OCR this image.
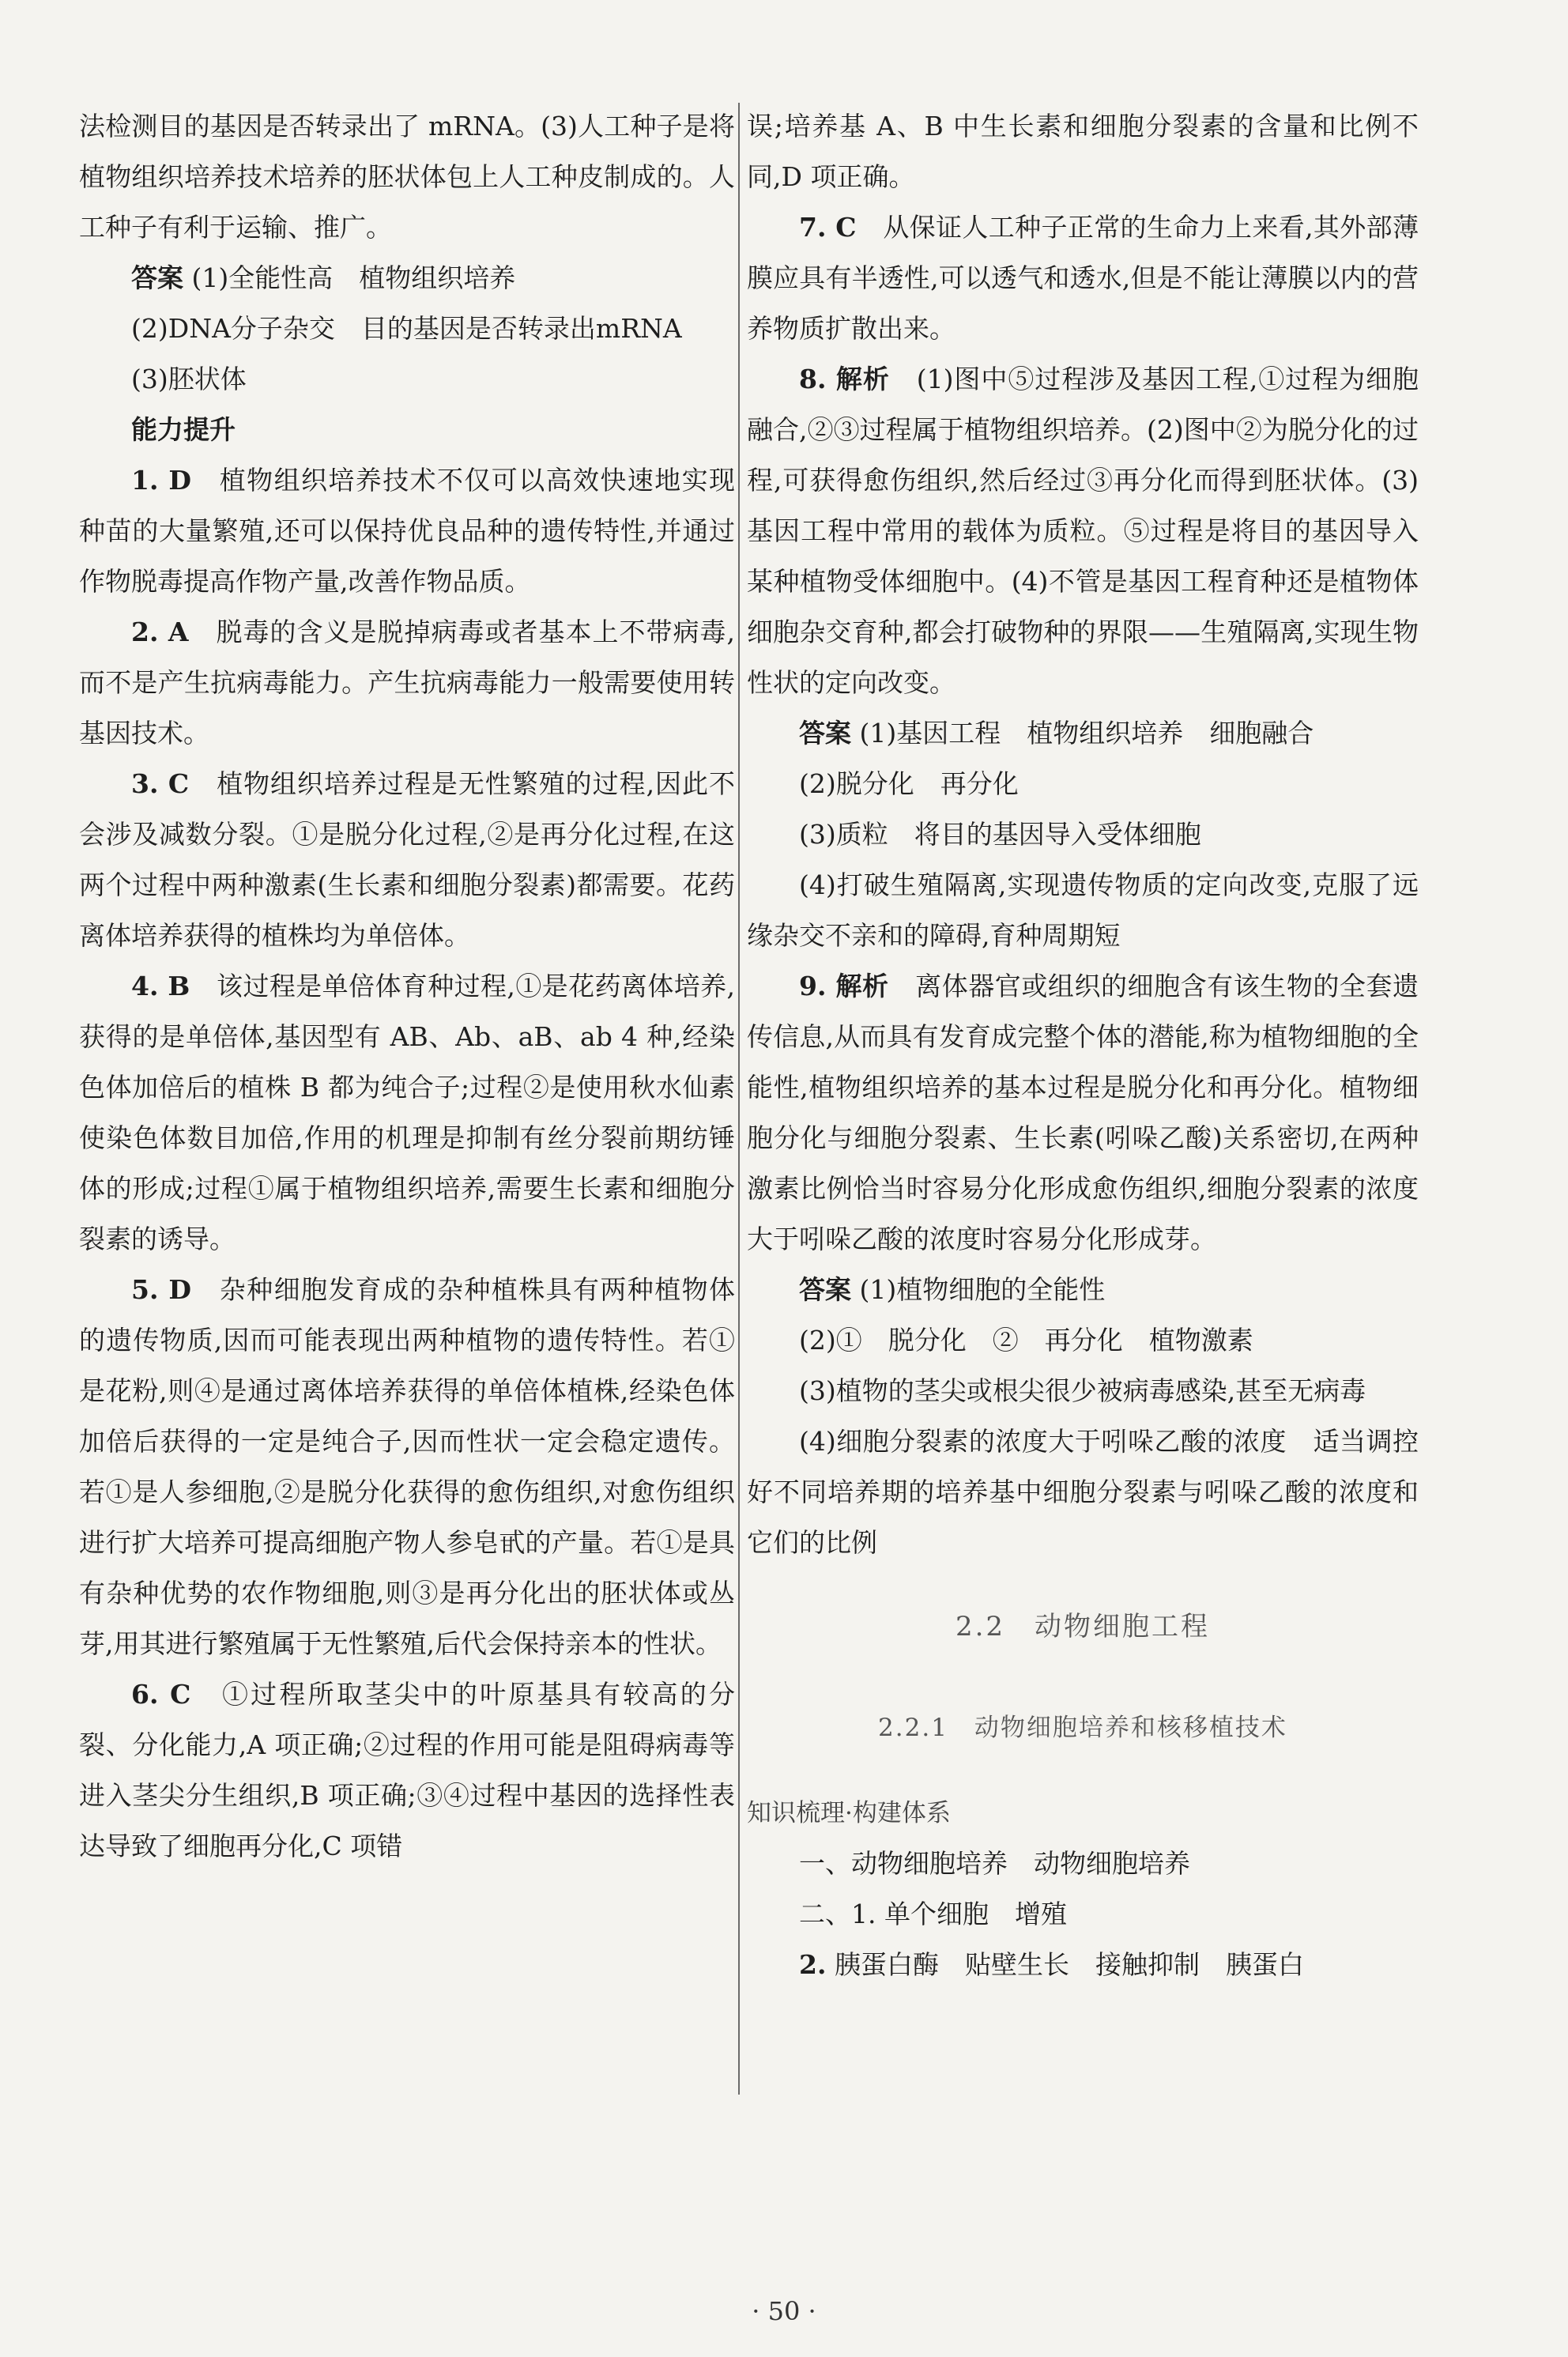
法检测目的基因是否转录出了 mRNA。(3)人工种子是将植物组织培养技术培养的胚状体包上人工种皮制成的。人工种子有利于运输、推广。

答案 (1)全能性高　植物组织培养

(2)DNA分子杂交　目的基因是否转录出mRNA

(3)胚状体

能力提升

1. D　 植物组织培养技术不仅可以高效快速地实现种苗的大量繁殖,还可以保持优良品种的遗传特性,并通过作物脱毒提高作物产量,改善作物品质。

2. A　 脱毒的含义是脱掉病毒或者基本上不带病毒,而不是产生抗病毒能力。产生抗病毒能力一般需要使用转基因技术。

3. C　 植物组织培养过程是无性繁殖的过程,因此不会涉及减数分裂。①是脱分化过程,②是再分化过程,在这两个过程中两种激素(生长素和细胞分裂素)都需要。花药离体培养获得的植株均为单倍体。

4. B　 该过程是单倍体育种过程,①是花药离体培养,获得的是单倍体,基因型有 AB、Ab、aB、ab 4 种,经染色体加倍后的植株 B 都为纯合子;过程②是使用秋水仙素使染色体数目加倍,作用的机理是抑制有丝分裂前期纺锤体的形成;过程①属于植物组织培养,需要生长素和细胞分裂素的诱导。

5. D　 杂种细胞发育成的杂种植株具有两种植物体的遗传物质,因而可能表现出两种植物的遗传特性。若①是花粉,则④是通过离体培养获得的单倍体植株,经染色体加倍后获得的一定是纯合子,因而性状一定会稳定遗传。若①是人参细胞,②是脱分化获得的愈伤组织,对愈伤组织进行扩大培养可提高细胞产物人参皂甙的产量。若①是具有杂种优势的农作物细胞,则③是再分化出的胚状体或丛芽,用其进行繁殖属于无性繁殖,后代会保持亲本的性状。

6. C　 ①过程所取茎尖中的叶原基具有较高的分裂、分化能力,A 项正确;②过程的作用可能是阻碍病毒等进入茎尖分生组织,B 项正确;③④过程中基因的选择性表达导致了细胞再分化,C 项错

误;培养基 A、B 中生长素和细胞分裂素的含量和比例不同,D 项正确。

7. C　 从保证人工种子正常的生命力上来看,其外部薄膜应具有半透性,可以透气和透水,但是不能让薄膜以内的营养物质扩散出来。

8. 解析　 (1)图中⑤过程涉及基因工程,①过程为细胞融合,②③过程属于植物组织培养。(2)图中②为脱分化的过程,可获得愈伤组织,然后经过③再分化而得到胚状体。(3)基因工程中常用的载体为质粒。⑤过程是将目的基因导入某种植物受体细胞中。(4)不管是基因工程育种还是植物体细胞杂交育种,都会打破物种的界限——生殖隔离,实现生物性状的定向改变。

答案 (1)基因工程　植物组织培养　细胞融合

(2)脱分化　再分化

(3)质粒　将目的基因导入受体细胞

(4)打破生殖隔离,实现遗传物质的定向改变,克服了远缘杂交不亲和的障碍,育种周期短

9. 解析　 离体器官或组织的细胞含有该生物的全套遗传信息,从而具有发育成完整个体的潜能,称为植物细胞的全能性,植物组织培养的基本过程是脱分化和再分化。植物细胞分化与细胞分裂素、生长素(吲哚乙酸)关系密切,在两种激素比例恰当时容易分化形成愈伤组织,细胞分裂素的浓度大于吲哚乙酸的浓度时容易分化形成芽。

答案 (1)植物细胞的全能性

(2)①　脱分化　②　再分化　植物激素

(3)植物的茎尖或根尖很少被病毒感染,甚至无病毒

(4)细胞分裂素的浓度大于吲哚乙酸的浓度　适当调控好不同培养期的培养基中细胞分裂素与吲哚乙酸的浓度和它们的比例

2.2　动物细胞工程
2.2.1　动物细胞培养和核移植技术

知识梳理·构建体系

一、动物细胞培养　动物细胞培养

二、1. 单个细胞　增殖

2. 胰蛋白酶　贴壁生长　接触抑制　胰蛋白

· 50 ·
